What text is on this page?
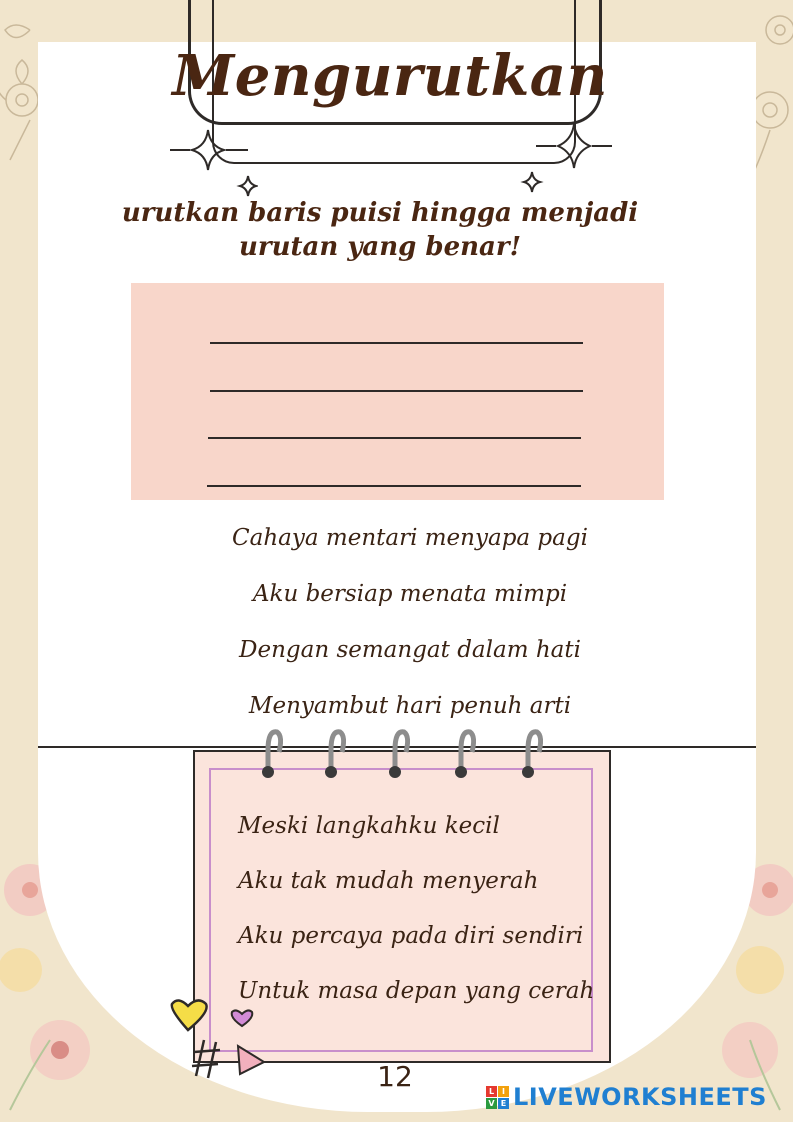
Mengurutkan
urutkan baris puisi hingga menjadi
urutan yang benar!
Cahaya mentari menyapa pagi
Aku bersiap menata mimpi
Dengan semangat dalam hati
Menyambut hari penuh arti
Meski langkahku kecil
Aku tak mudah menyerah
Aku percaya pada diri sendiri
Untuk masa depan yang cerah
12	L I
V E LIVEWORKSHEETS
